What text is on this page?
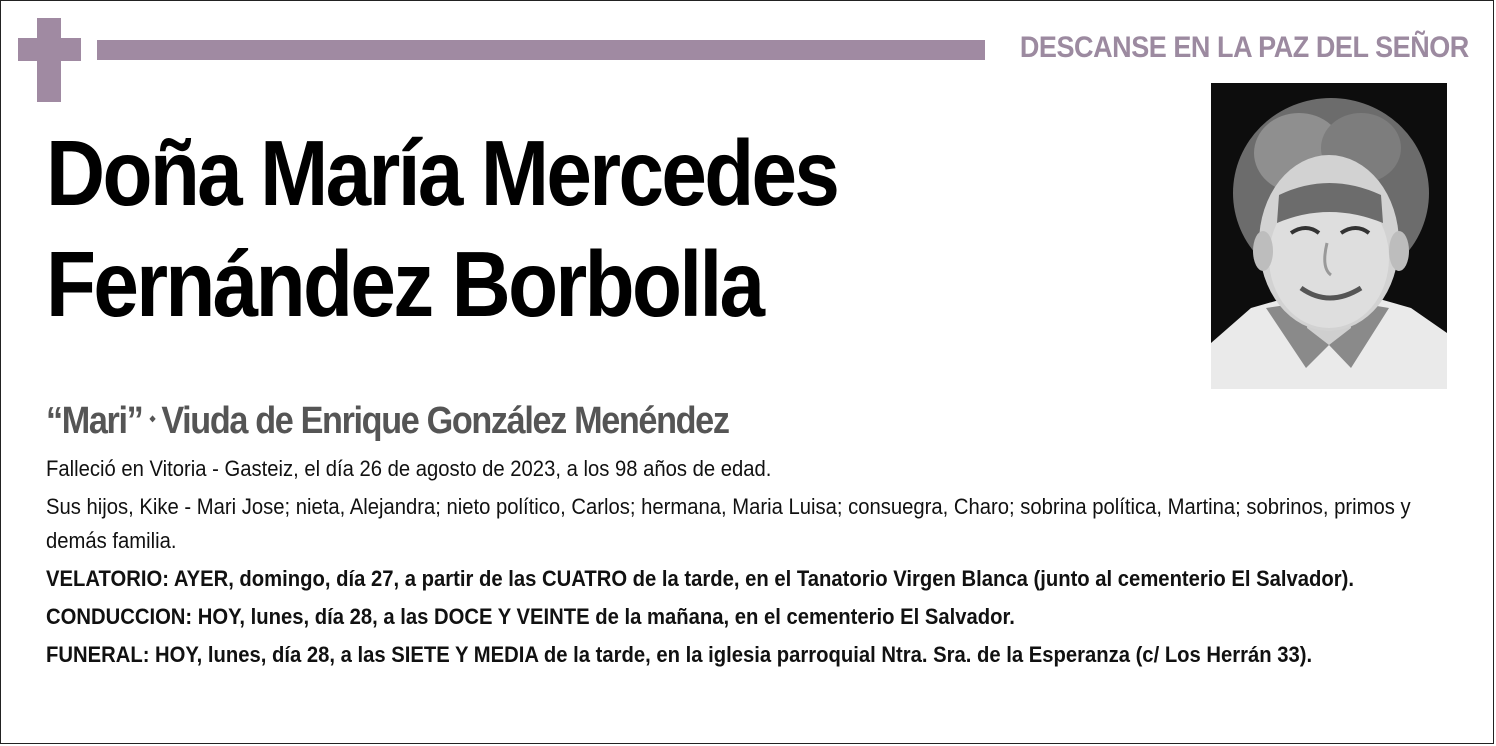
DESCANSE EN LA PAZ DEL SEÑOR
Doña María Mercedes
Fernández Borbolla
“Mari” ⬩ Viuda de Enrique González Menéndez

Falleció en Vitoria - Gasteiz, el día 26 de agosto de 2023, a los 98 años de edad.

Sus hijos, Kike - Mari Jose; nieta, Alejandra; nieto político, Carlos; hermana, Maria Luisa; consuegra, Charo; sobrina política, Martina; sobrinos, primos y demás familia.

VELATORIO: AYER, domingo, día 27, a partir de las CUATRO de la tarde, en el Tanatorio Virgen Blanca (junto al cementerio El Salvador).

CONDUCCION: HOY, lunes, día 28, a las DOCE Y VEINTE de la mañana, en el cementerio El Salvador.

FUNERAL: HOY, lunes, día 28, a las SIETE Y MEDIA de la tarde, en la iglesia parroquial Ntra. Sra. de la Esperanza (c/ Los Herrán 33).
